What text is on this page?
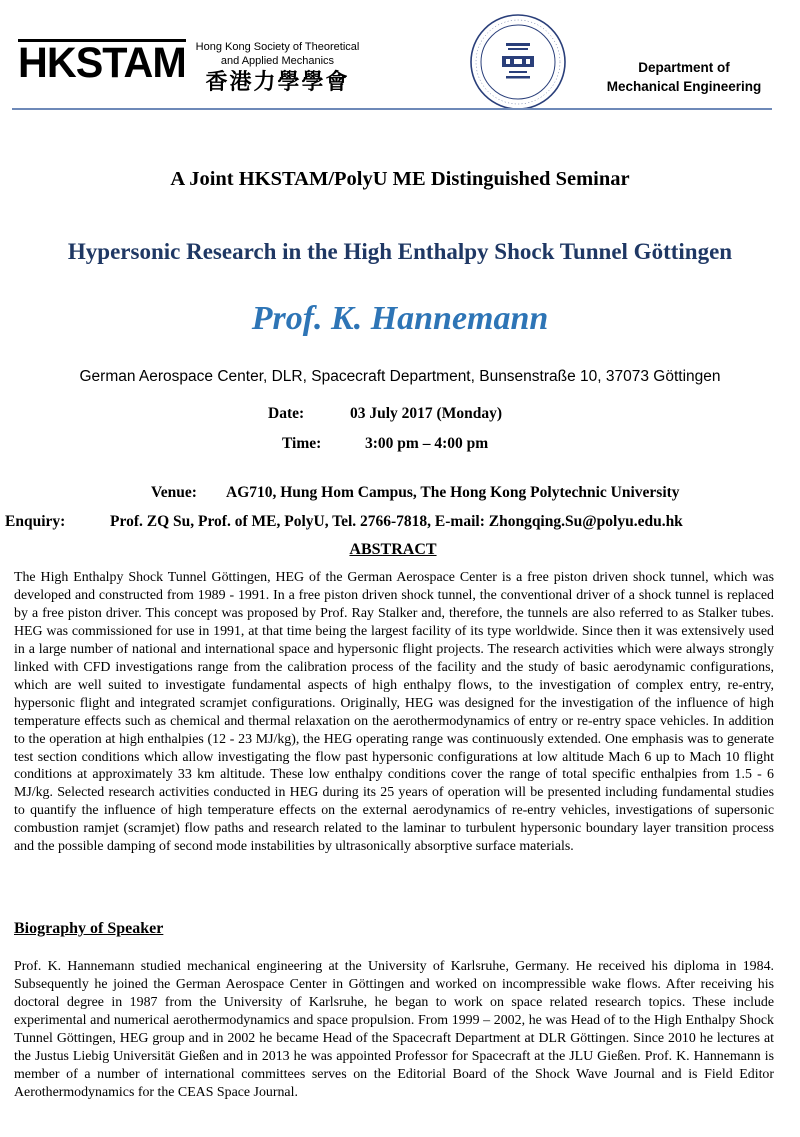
HKSTAM Hong Kong Society of Theoretical
and Applied Mechanics
香港力學學會
Department of
Mechanical Engineering
A Joint HKSTAM/PolyU ME Distinguished Seminar
Hypersonic Research in the High Enthalpy Shock Tunnel Göttingen
Prof. K. Hannemann
German Aerospace Center, DLR, Spacecraft Department, Bunsenstraße 10, 37073 Göttingen
Date:	03 July 2017 (Monday)
Time:	3:00 pm – 4:00 pm
Venue: AG710, Hung Hom Campus, The Hong Kong Polytechnic University
Enquiry:	Prof. ZQ Su, Prof. of ME, PolyU, Tel. 2766-7818, E-mail: Zhongqing.Su@polyu.edu.hk
ABSTRACT

The High Enthalpy Shock Tunnel Göttingen, HEG of the German Aerospace Center is a free piston driven shock tunnel, which was developed and constructed from 1989 - 1991. In a free piston driven shock tunnel, the conventional driver of a shock tunnel is replaced by a free piston driver. This concept was proposed by Prof. Ray Stalker and, therefore, the tunnels are also referred to as Stalker tubes. HEG was commissioned for use in 1991, at that time being the largest facility of its type worldwide. Since then it was extensively used in a large number of national and international space and hypersonic flight projects. The research activities which were always strongly linked with CFD investigations range from the calibration process of the facility and the study of basic aerodynamic configurations, which are well suited to investigate fundamental aspects of high enthalpy flows, to the investigation of complex entry, re-entry, hypersonic flight and integrated scramjet configurations. Originally, HEG was designed for the investigation of the influence of high temperature effects such as chemical and thermal relaxation on the aerothermodynamics of entry or re-entry space vehicles. In addition to the operation at high enthalpies (12 - 23 MJ/kg), the HEG operating range was continuously extended. One emphasis was to generate test section conditions which allow investigating the flow past hypersonic configurations at low altitude Mach 6 up to Mach 10 flight conditions at approximately 33 km altitude. These low enthalpy conditions cover the range of total specific enthalpies from 1.5 - 6 MJ/kg. Selected research activities conducted in HEG during its 25 years of operation will be presented including fundamental studies to quantify the influence of high temperature effects on the external aerodynamics of re-entry vehicles, investigations of supersonic combustion ramjet (scramjet) flow paths and research related to the laminar to turbulent hypersonic boundary layer transition process and the possible damping of second mode instabilities by ultrasonically absorptive surface materials.

Biography of Speaker

Prof. K. Hannemann studied mechanical engineering at the University of Karlsruhe, Germany. He received his diploma in 1984. Subsequently he joined the German Aerospace Center in Göttingen and worked on incompressible wake flows. After receiving his doctoral degree in 1987 from the University of Karlsruhe, he began to work on space related research topics. These include experimental and numerical aerothermodynamics and space propulsion. From 1999 – 2002, he was Head of to the High Enthalpy Shock Tunnel Göttingen, HEG group and in 2002 he became Head of the Spacecraft Department at DLR Göttingen. Since 2010 he lectures at the Justus Liebig Universität Gießen and in 2013 he was appointed Professor for Spacecraft at the JLU Gießen. Prof. K. Hannemann is member of a number of international committees serves on the Editorial Board of the Shock Wave Journal and is Field Editor Aerothermodynamics for the CEAS Space Journal.
